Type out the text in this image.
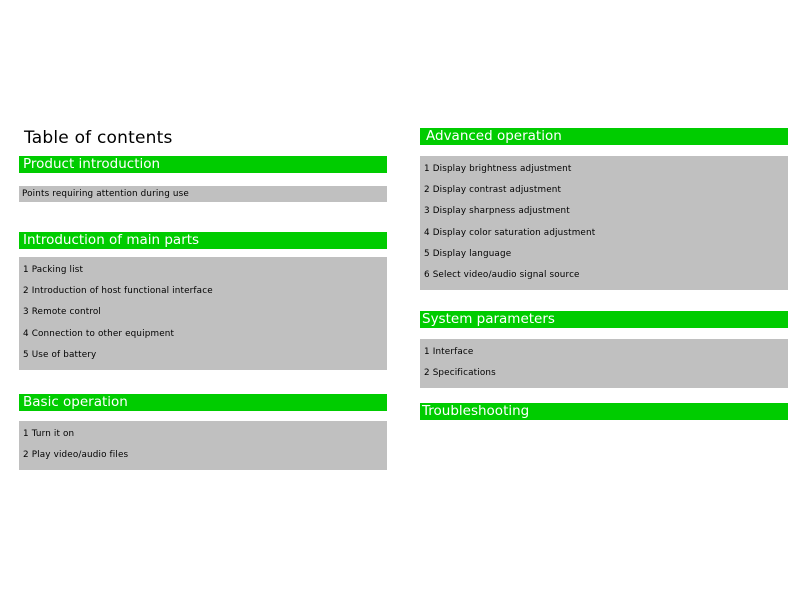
Table of contents
Product introduction
Points requiring attention during use
Introduction of main parts
1 Packing list
2 Introduction of host functional interface
3 Remote control
4 Connection to other equipment
5 Use of battery
Basic operation
1 Turn it on
2 Play video/audio files
Advanced operation
1 Display brightness adjustment
2 Display contrast adjustment
3 Display sharpness adjustment
4 Display color saturation adjustment
5 Display language
6 Select video/audio signal source
System parameters
1 Interface
2 Specifications
Troubleshooting
